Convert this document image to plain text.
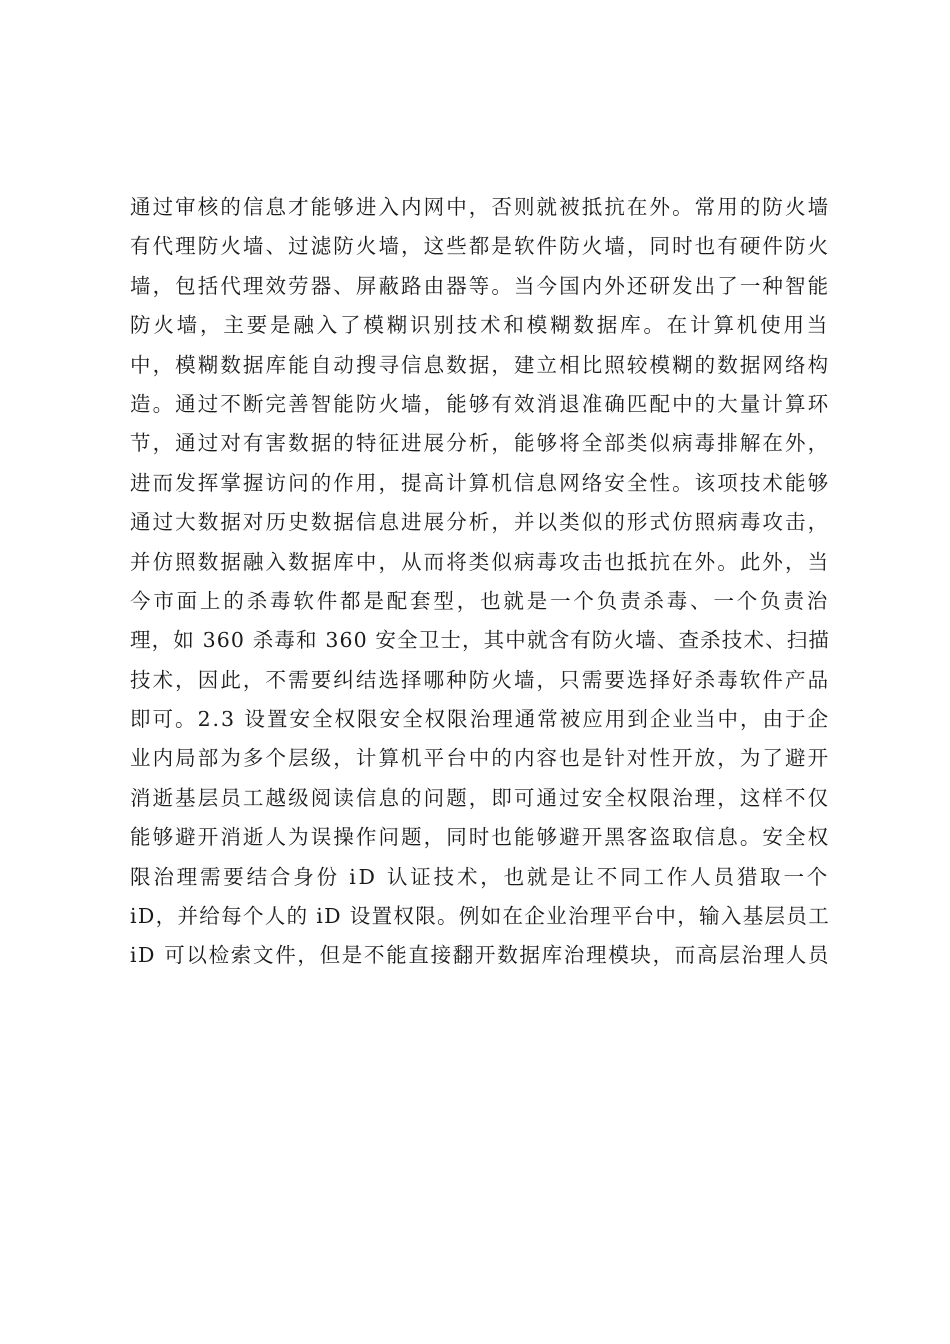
通过审核的信息才能够进入内网中，否则就被抵抗在外。常用的防火墙
有代理防火墙、过滤防火墙，这些都是软件防火墙，同时也有硬件防火
墙，包括代理效劳器、屏蔽路由器等。当今国内外还研发出了一种智能
防火墙，主要是融入了模糊识别技术和模糊数据库。在计算机使用当
中，模糊数据库能自动搜寻信息数据，建立相比照较模糊的数据网络构
造。通过不断完善智能防火墙，能够有效消退准确匹配中的大量计算环
节，通过对有害数据的特征进展分析，能够将全部类似病毒排解在外，
进而发挥掌握访问的作用，提高计算机信息网络安全性。该项技术能够
通过大数据对历史数据信息进展分析，并以类似的形式仿照病毒攻击，
并仿照数据融入数据库中，从而将类似病毒攻击也抵抗在外。此外，当
今市面上的杀毒软件都是配套型，也就是一个负责杀毒、一个负责治
理，如 360 杀毒和 360 安全卫士，其中就含有防火墙、查杀技术、扫描
技术，因此，不需要纠结选择哪种防火墙，只需要选择好杀毒软件产品
即可。2.3 设置安全权限安全权限治理通常被应用到企业当中，由于企
业内局部为多个层级，计算机平台中的内容也是针对性开放，为了避开
消逝基层员工越级阅读信息的问题，即可通过安全权限治理，这样不仅
能够避开消逝人为误操作问题，同时也能够避开黑客盗取信息。安全权
限治理需要结合身份 iD 认证技术，也就是让不同工作人员猎取一个
iD，并给每个人的 iD 设置权限。例如在企业治理平台中，输入基层员工
iD 可以检索文件，但是不能直接翻开数据库治理模块，而高层治理人员
